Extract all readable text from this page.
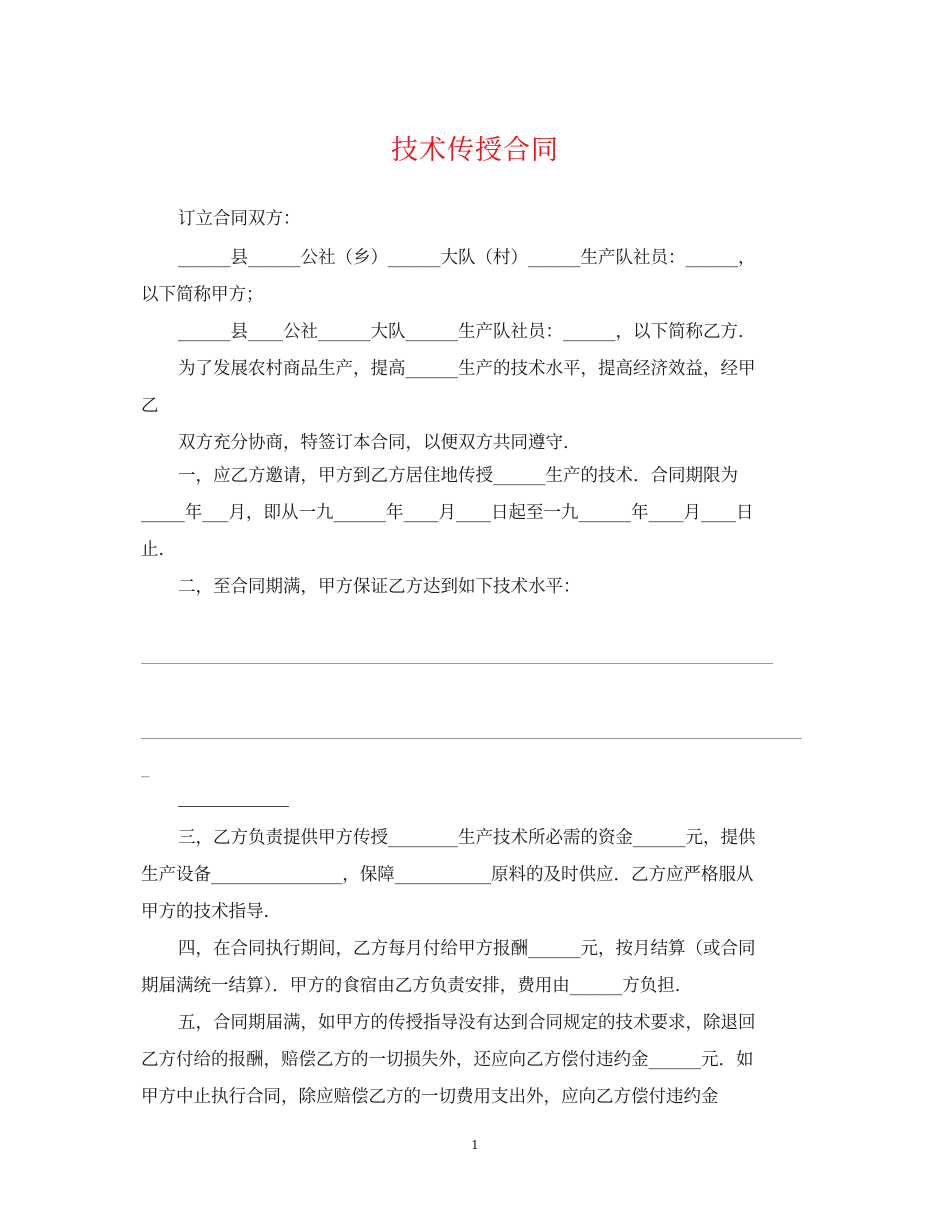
技术传授合同
订立合同双方：
______县______公社（乡）______大队（村）______生产队社员：______，
以下简称甲方；
______县____公社______大队______生产队社员：______，以下简称乙方.
为了发展农村商品生产，提高______生产的技术水平，提高经济效益，经甲
乙
双方充分协商，特签订本合同，以便双方共同遵守.
一，应乙方邀请，甲方到乙方居住地传授______生产的技术．合同期限为
_____年___月，即从一九______年____月____日起至一九______年____月____日
止.
二，至合同期满，甲方保证乙方达到如下技术水平：
_
三，乙方负责提供甲方传授________生产技术所必需的资金______元，提供
生产设备_______________，保障___________原料的及时供应．乙方应严格服从
甲方的技术指导.
四，在合同执行期间，乙方每月付给甲方报酬______元，按月结算（或合同
期届满统一结算）．甲方的食宿由乙方负责安排，费用由______方负担.
五，合同期届满，如甲方的传授指导没有达到合同规定的技术要求，除退回
乙方付给的报酬，赔偿乙方的一切损失外，还应向乙方偿付违约金______元．如
甲方中止执行合同，除应赔偿乙方的一切费用支出外，应向乙方偿付违约金
1
